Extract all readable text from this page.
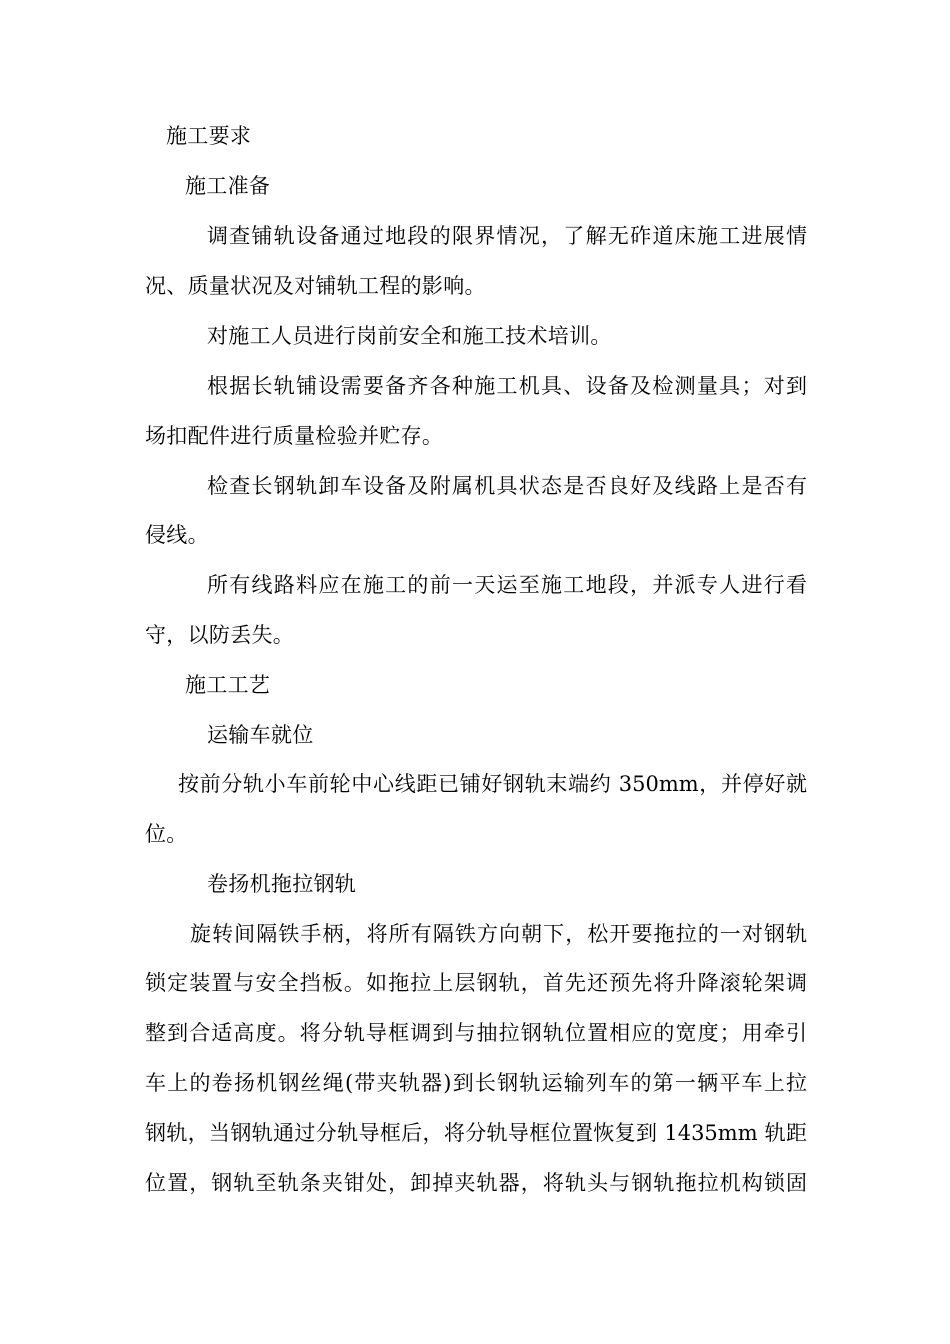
施工要求

施工准备

调查铺轨设备通过地段的限界情况，了解无砟道床施工进展情

况、质量状况及对铺轨工程的影响。

对施工人员进行岗前安全和施工技术培训。

根据长轨铺设需要备齐各种施工机具、设备及检测量具；对到

场扣配件进行质量检验并贮存。

检查长钢轨卸车设备及附属机具状态是否良好及线路上是否有

侵线。

所有线路料应在施工的前一天运至施工地段，并派专人进行看

守，以防丢失。

施工工艺

运输车就位

按前分轨小车前轮中心线距已铺好钢轨末端约 350mm，并停好就

位。

卷扬机拖拉钢轨

旋转间隔铁手柄，将所有隔铁方向朝下，松开要拖拉的一对钢轨
锁定装置与安全挡板。如拖拉上层钢轨，首先还预先将升降滚轮架调
整到合适高度。将分轨导框调到与抽拉钢轨位置相应的宽度；用牵引
车上的卷扬机钢丝绳(带夹轨器)到长钢轨运输列车的第一辆平车上拉
钢轨，当钢轨通过分轨导框后，将分轨导框位置恢复到 1435mm 轨距
位置，钢轨至轨条夹钳处，卸掉夹轨器，将轨头与钢轨拖拉机构锁固
